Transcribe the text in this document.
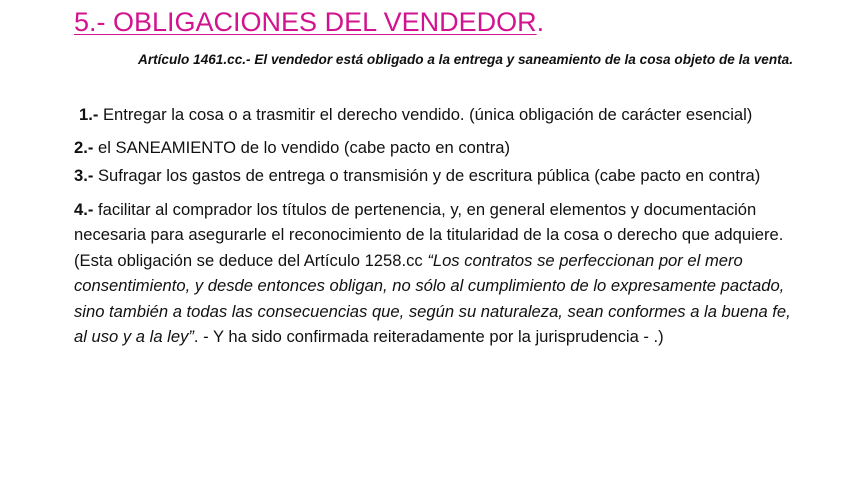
5.- OBLIGACIONES DEL VENDEDOR.
Artículo 1461.cc.- El vendedor está obligado a la entrega y saneamiento de la cosa objeto de la venta.

1.- Entregar la cosa o a trasmitir el derecho vendido. (única obligación de carácter esencial)

2.- el SANEAMIENTO de lo vendido (cabe pacto en contra)

3.- Sufragar los gastos de entrega o transmisión y de escritura pública (cabe pacto en contra)

4.- facilitar al comprador los títulos de pertenencia, y, en general elementos y documentación necesaria para asegurarle el reconocimiento de la titularidad de la cosa o derecho que adquiere. (Esta obligación se deduce del Artículo 1258.cc “Los contratos se perfeccionan por el mero consentimiento, y desde entonces obligan, no sólo al cumplimiento de lo expresamente pactado, sino también a todas las consecuencias que, según su naturaleza, sean conformes a la buena fe, al uso y a la ley”. - Y ha sido confirmada reiteradamente por la jurisprudencia - .)
